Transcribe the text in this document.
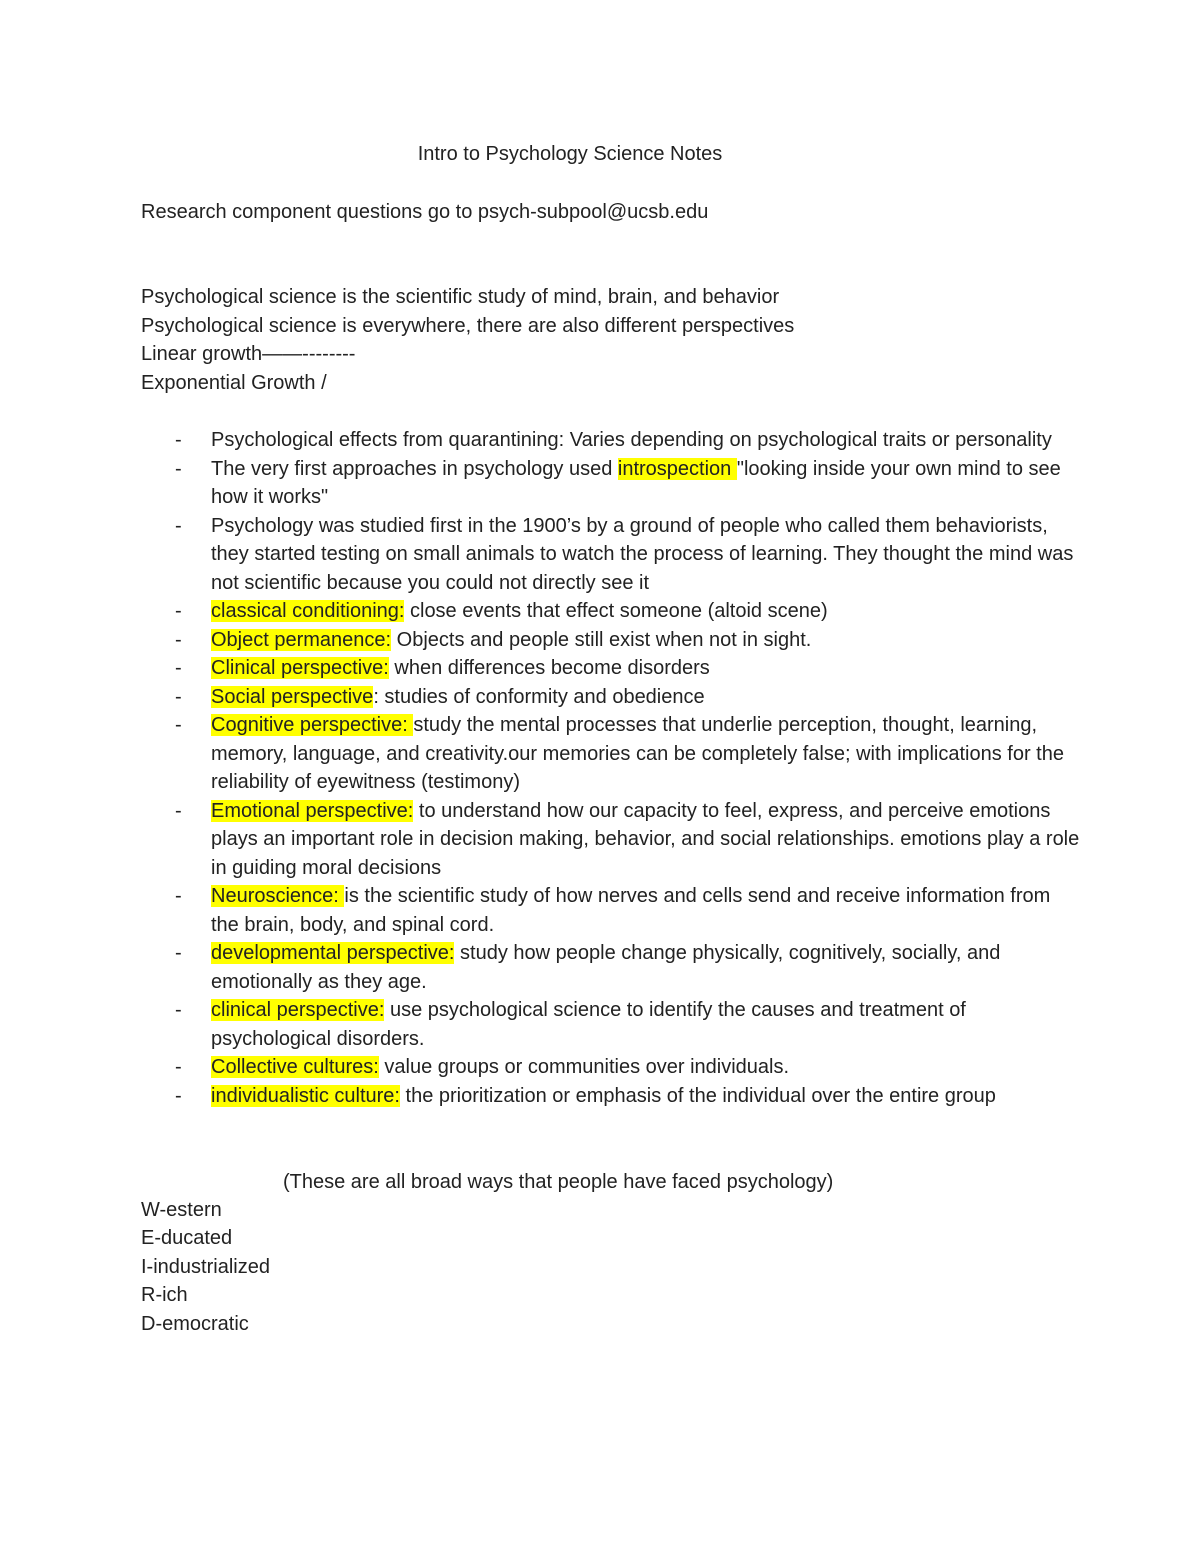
Intro to Psychology Science Notes
Research component questions go to psych-subpool@ucsb.edu
Psychological science is the scientific study of mind, brain, and behavior
Psychological science is everywhere, there are also different perspectives
Linear growth——--------
Exponential Growth /
- Psychological effects from quarantining: Varies depending on psychological traits or personality
- The very first approaches in psychology used introspection "looking inside your own mind to see how it works"
- Psychology was studied first in the 1900’s by a ground of people who called them behaviorists, they started testing on small animals to watch the process of learning. They thought the mind was not scientific because you could not directly see it
- classical conditioning: close events that effect someone (altoid scene)
- Object permanence: Objects and people still exist when not in sight.
- Clinical perspective: when differences become disorders
- Social perspective: studies of conformity and obedience
- Cognitive perspective: study the mental processes that underlie perception, thought, learning, memory, language, and creativity.our memories can be completely false; with implications for the reliability of eyewitness (testimony)
- Emotional perspective: to understand how our capacity to feel, express, and perceive emotions plays an important role in decision making, behavior, and social relationships. emotions play a role in guiding moral decisions
- Neuroscience: is the scientific study of how nerves and cells send and receive information from the brain, body, and spinal cord.
- developmental perspective: study how people change physically, cognitively, socially, and emotionally as they age.
- clinical perspective: use psychological science to identify the causes and treatment of psychological disorders.
- Collective cultures: value groups or communities over individuals.
- individualistic culture: the prioritization or emphasis of the individual over the entire group
(These are all broad ways that people have faced psychology)
W-estern
E-ducated
I-industrialized
R-ich
D-emocratic
